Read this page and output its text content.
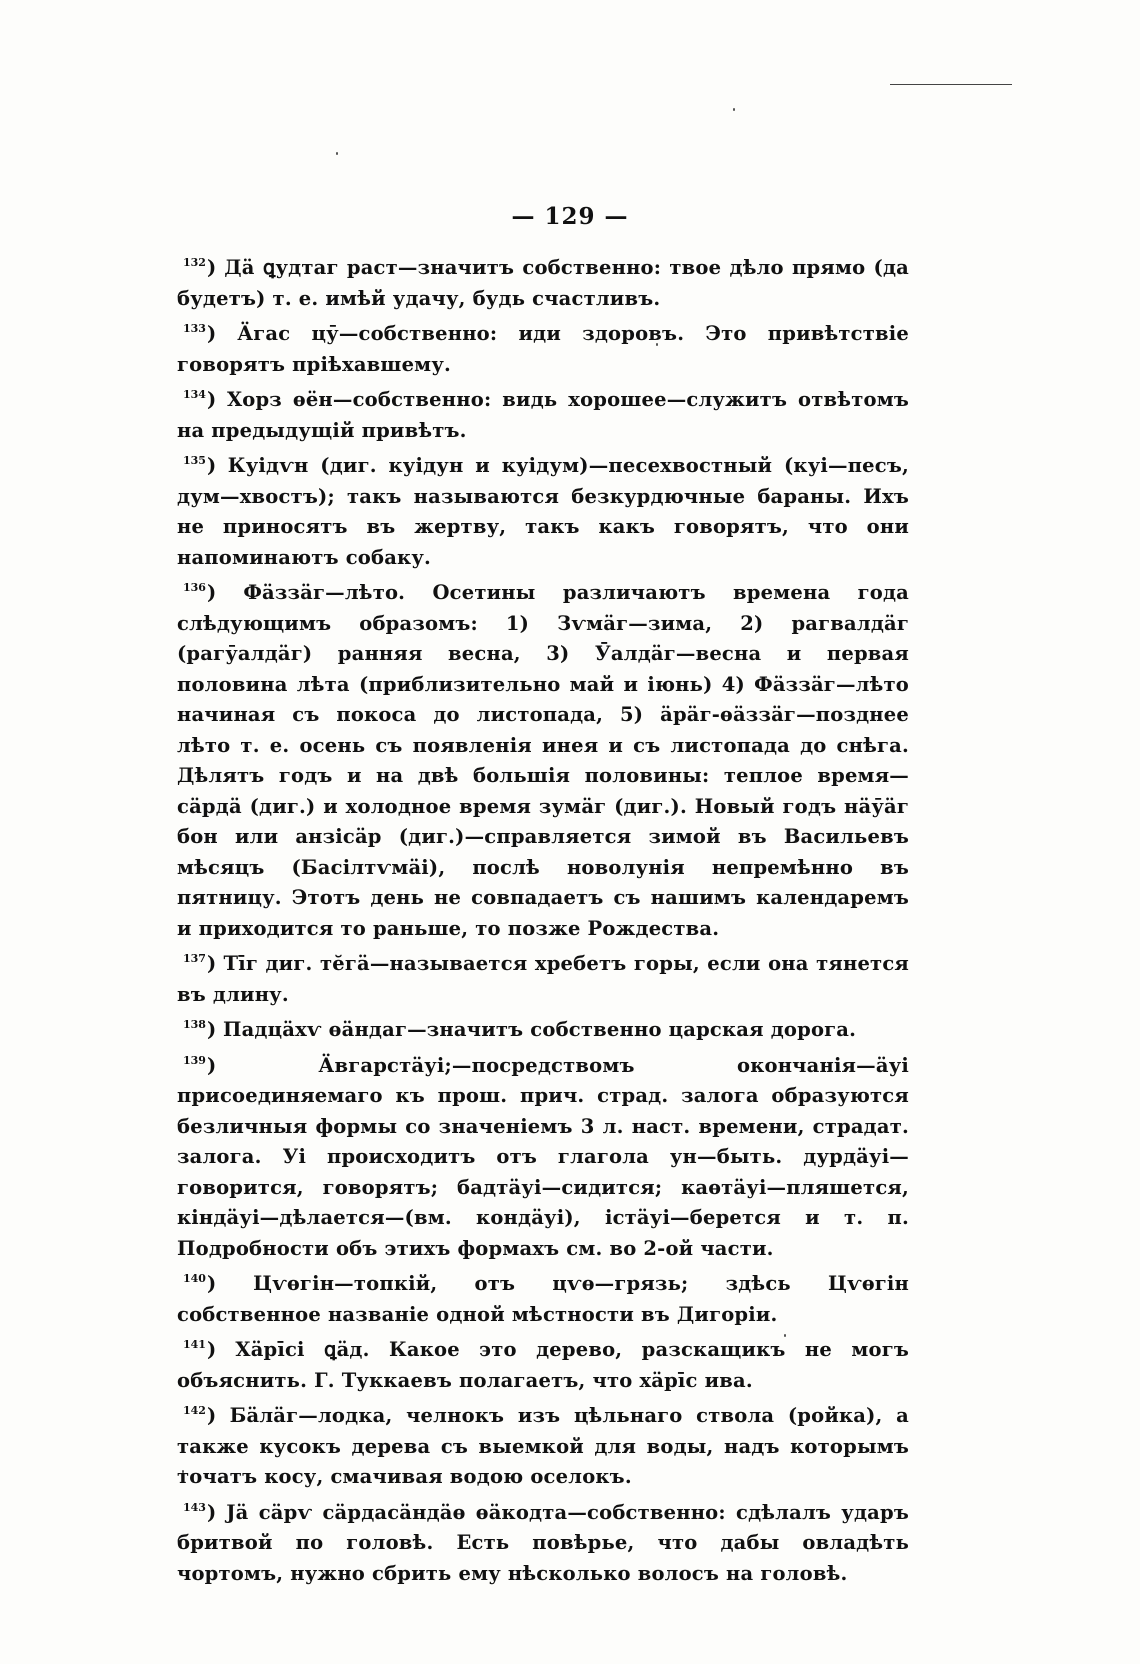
— 129 —

$^{132}$) Дӓ ꝗудтаг раст—значитъ собственно: твое дѣло прямо (да будетъ) т. е. имѣй удачу, будь счастливъ.

$^{133}$) Ӓгас цӯ—собственно: иди здоровъ. Это привѣтствіе говорятъ пріѣхавшему.

$^{134}$) Хорз ѳён—собственно: видь хорошее—служитъ отвѣтомъ на предыдущій привѣтъ.

$^{135}$) Куідѵн (диг. куідун и куідум)—песехвостный (куі—песъ, дум—хвостъ); такъ называются безкурдючные бараны. Ихъ не приносятъ въ жертву, такъ какъ говорятъ, что они напоминаютъ собаку.

$^{136}$) Фӓззӓг—лѣто. Осетины различаютъ времена года слѣдующимъ образомъ: 1) Зѵмӓг—зима, 2) рагвалдӓг (рагӯалдӓг) ранняя весна, 3) Ӯалдӓг—весна и первая половина лѣта (приблизительно май и іюнь) 4) Фӓззӓг—лѣто начиная съ покоса до листопада, 5) ӓрӓг-ѳӓззӓг—позднее лѣто т. е. осень съ появленія инея и съ листопада до снѣга. Дѣлятъ годъ и на двѣ большія половины: теплое время—сӓрдӓ (диг.) и холодное время зумӓг (диг.). Новый годъ нӓӯӓг бон или анзісӓр (диг.)—справляется зимой въ Васильевъ мѣсяцъ (Басілтѵмӓі), послѣ новолунія непремѣнно въ пятницу. Этотъ день не совпадаетъ съ нашимъ календаремъ и приходится то раньше, то позже Рождества.

$^{137}$) Тīг диг. тӗгӓ—называется хребетъ горы, если она тянется въ длину.

$^{138}$) Падцӓхѵ ѳӓндаг—значитъ собственно царская дорога.

$^{139}$) Ӓвгарстӓуі;—посредствомъ окончанія—ӓуі присоединяемаго къ прош. прич. страд. залога образуются безличныя формы со значеніемъ 3 л. наст. времени, страдат. залога. Уі происходитъ отъ глагола ун—быть. дурдӓуі—говорится, говорятъ; бадтӓуі—сидится; каѳтӓуі—пляшется, кіндӓуі—дѣлается—(вм. кондӓуі), істӓуі—берется и т. п. Подробности объ этихъ формахъ см. во 2-ой части.

$^{140}$) Цѵѳгін—топкій, отъ цѵѳ—грязь; здѣсь Цѵѳгін собственное названіе одной мѣстности въ Дигоріи.

$^{141}$) Хӓрīсі ꝗӓд. Какое это дерево, разскащикъ не могъ объяснить. Г. Туккаевъ полагаетъ, что хӓрīс ива.

$^{142}$) Бӓлӓг—лодка, челнокъ изъ цѣльнаго ствола (ройка), а также кусокъ дерева съ выемкой для воды, надъ которымъ точатъ косу, смачивая водою оселокъ.

$^{143}$) Јӓ сӓрѵ сӓрдасӓндӓѳ ѳӓкодта—собственно: сдѣлалъ ударъ бритвой по головѣ. Есть повѣрье, что дабы овладѣть чортомъ, нужно сбрить ему нѣсколько волосъ на головѣ.
